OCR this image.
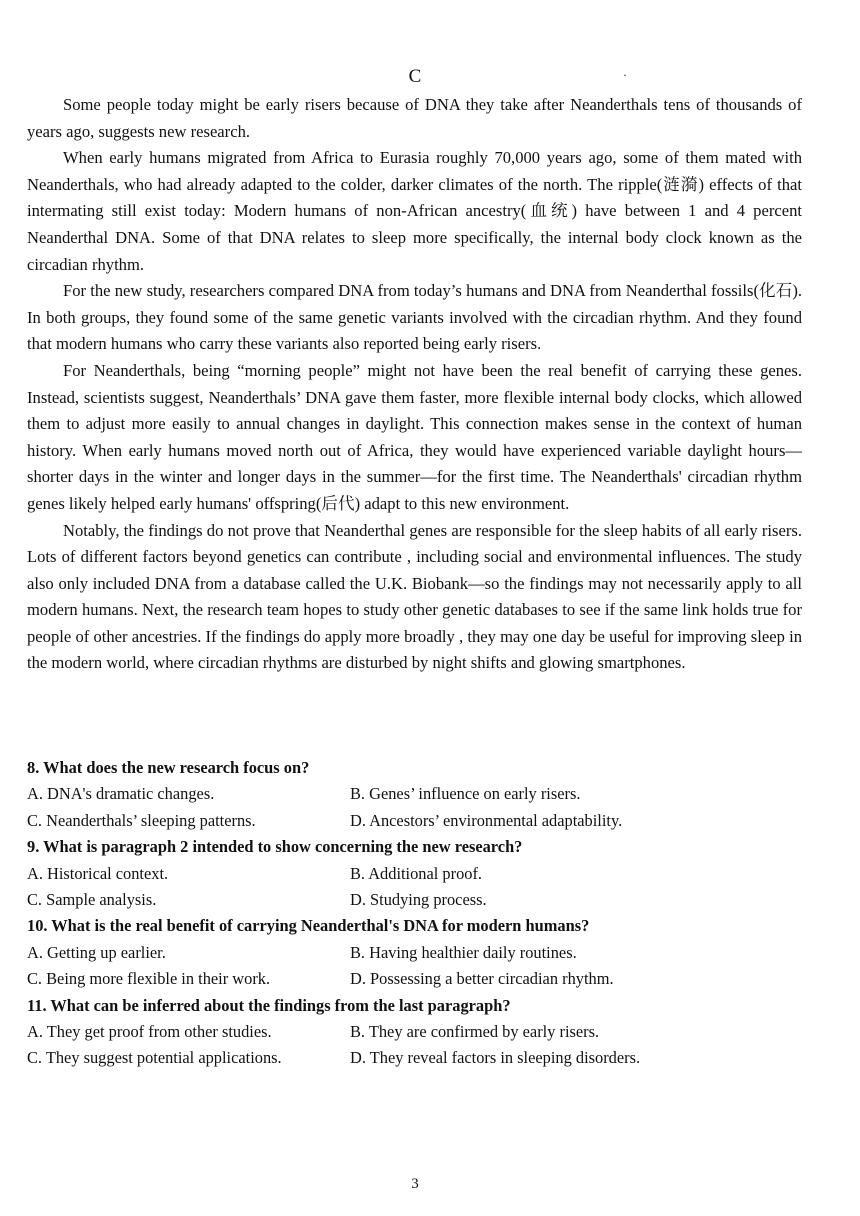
C	·

Some people today might be early risers because of DNA they take after Neanderthals tens of thousands of years ago, suggests new research.

When early humans migrated from Africa to Eurasia roughly 70,000 years ago, some of them mated with Neanderthals, who had already adapted to the colder, darker climates of the north. The ripple(涟漪) effects of that intermating still exist today: Modern humans of non-African ancestry(血统) have between 1 and 4 percent Neanderthal DNA. Some of that DNA relates to sleep more specifically, the internal body clock known as the circadian rhythm.

For the new study, researchers compared DNA from today’s humans and DNA from Neanderthal fossils(化石). In both groups, they found some of the same genetic variants involved with the circadian rhythm. And they found that modern humans who carry these variants also reported being early risers.

For Neanderthals, being “morning people” might not have been the real benefit of carrying these genes. Instead, scientists suggest, Neanderthals’ DNA gave them faster, more flexible internal body clocks, which allowed them to adjust more easily to annual changes in daylight. This connection makes sense in the context of human history. When early humans moved north out of Africa, they would have experienced variable daylight hours—shorter days in the winter and longer days in the summer—for the first time. The Neanderthals' circadian rhythm genes likely helped early humans' offspring(后代) adapt to this new environment.

Notably, the findings do not prove that Neanderthal genes are responsible for the sleep habits of all early risers. Lots of different factors beyond genetics can contribute , including social and environmental influences. The study also only included DNA from a database called the U.K. Biobank—so the findings may not necessarily apply to all modern humans. Next, the research team hopes to study other genetic databases to see if the same link holds true for people of other ancestries. If the findings do apply more broadly , they may one day be useful for improving sleep in the modern world, where circadian rhythms are disturbed by night shifts and glowing smartphones.

8. What does the new research focus on?

A. DNA's dramatic changes.	B. Genes’ influence on early risers.

C. Neanderthals’ sleeping patterns.	D. Ancestors’ environmental adaptability.

9. What is paragraph 2 intended to show concerning the new research?

A. Historical context.	B. Additional proof.

C. Sample analysis.	D. Studying process.

10. What is the real benefit of carrying Neanderthal's DNA for modern humans?

A. Getting up earlier.	B. Having healthier daily routines.

C. Being more flexible in their work.	D. Possessing a better circadian rhythm.

11. What can be inferred about the findings from the last paragraph?

A. They get proof from other studies.	B. They are confirmed by early risers.

C. They suggest potential applications.	D. They reveal factors in sleeping disorders.

3
